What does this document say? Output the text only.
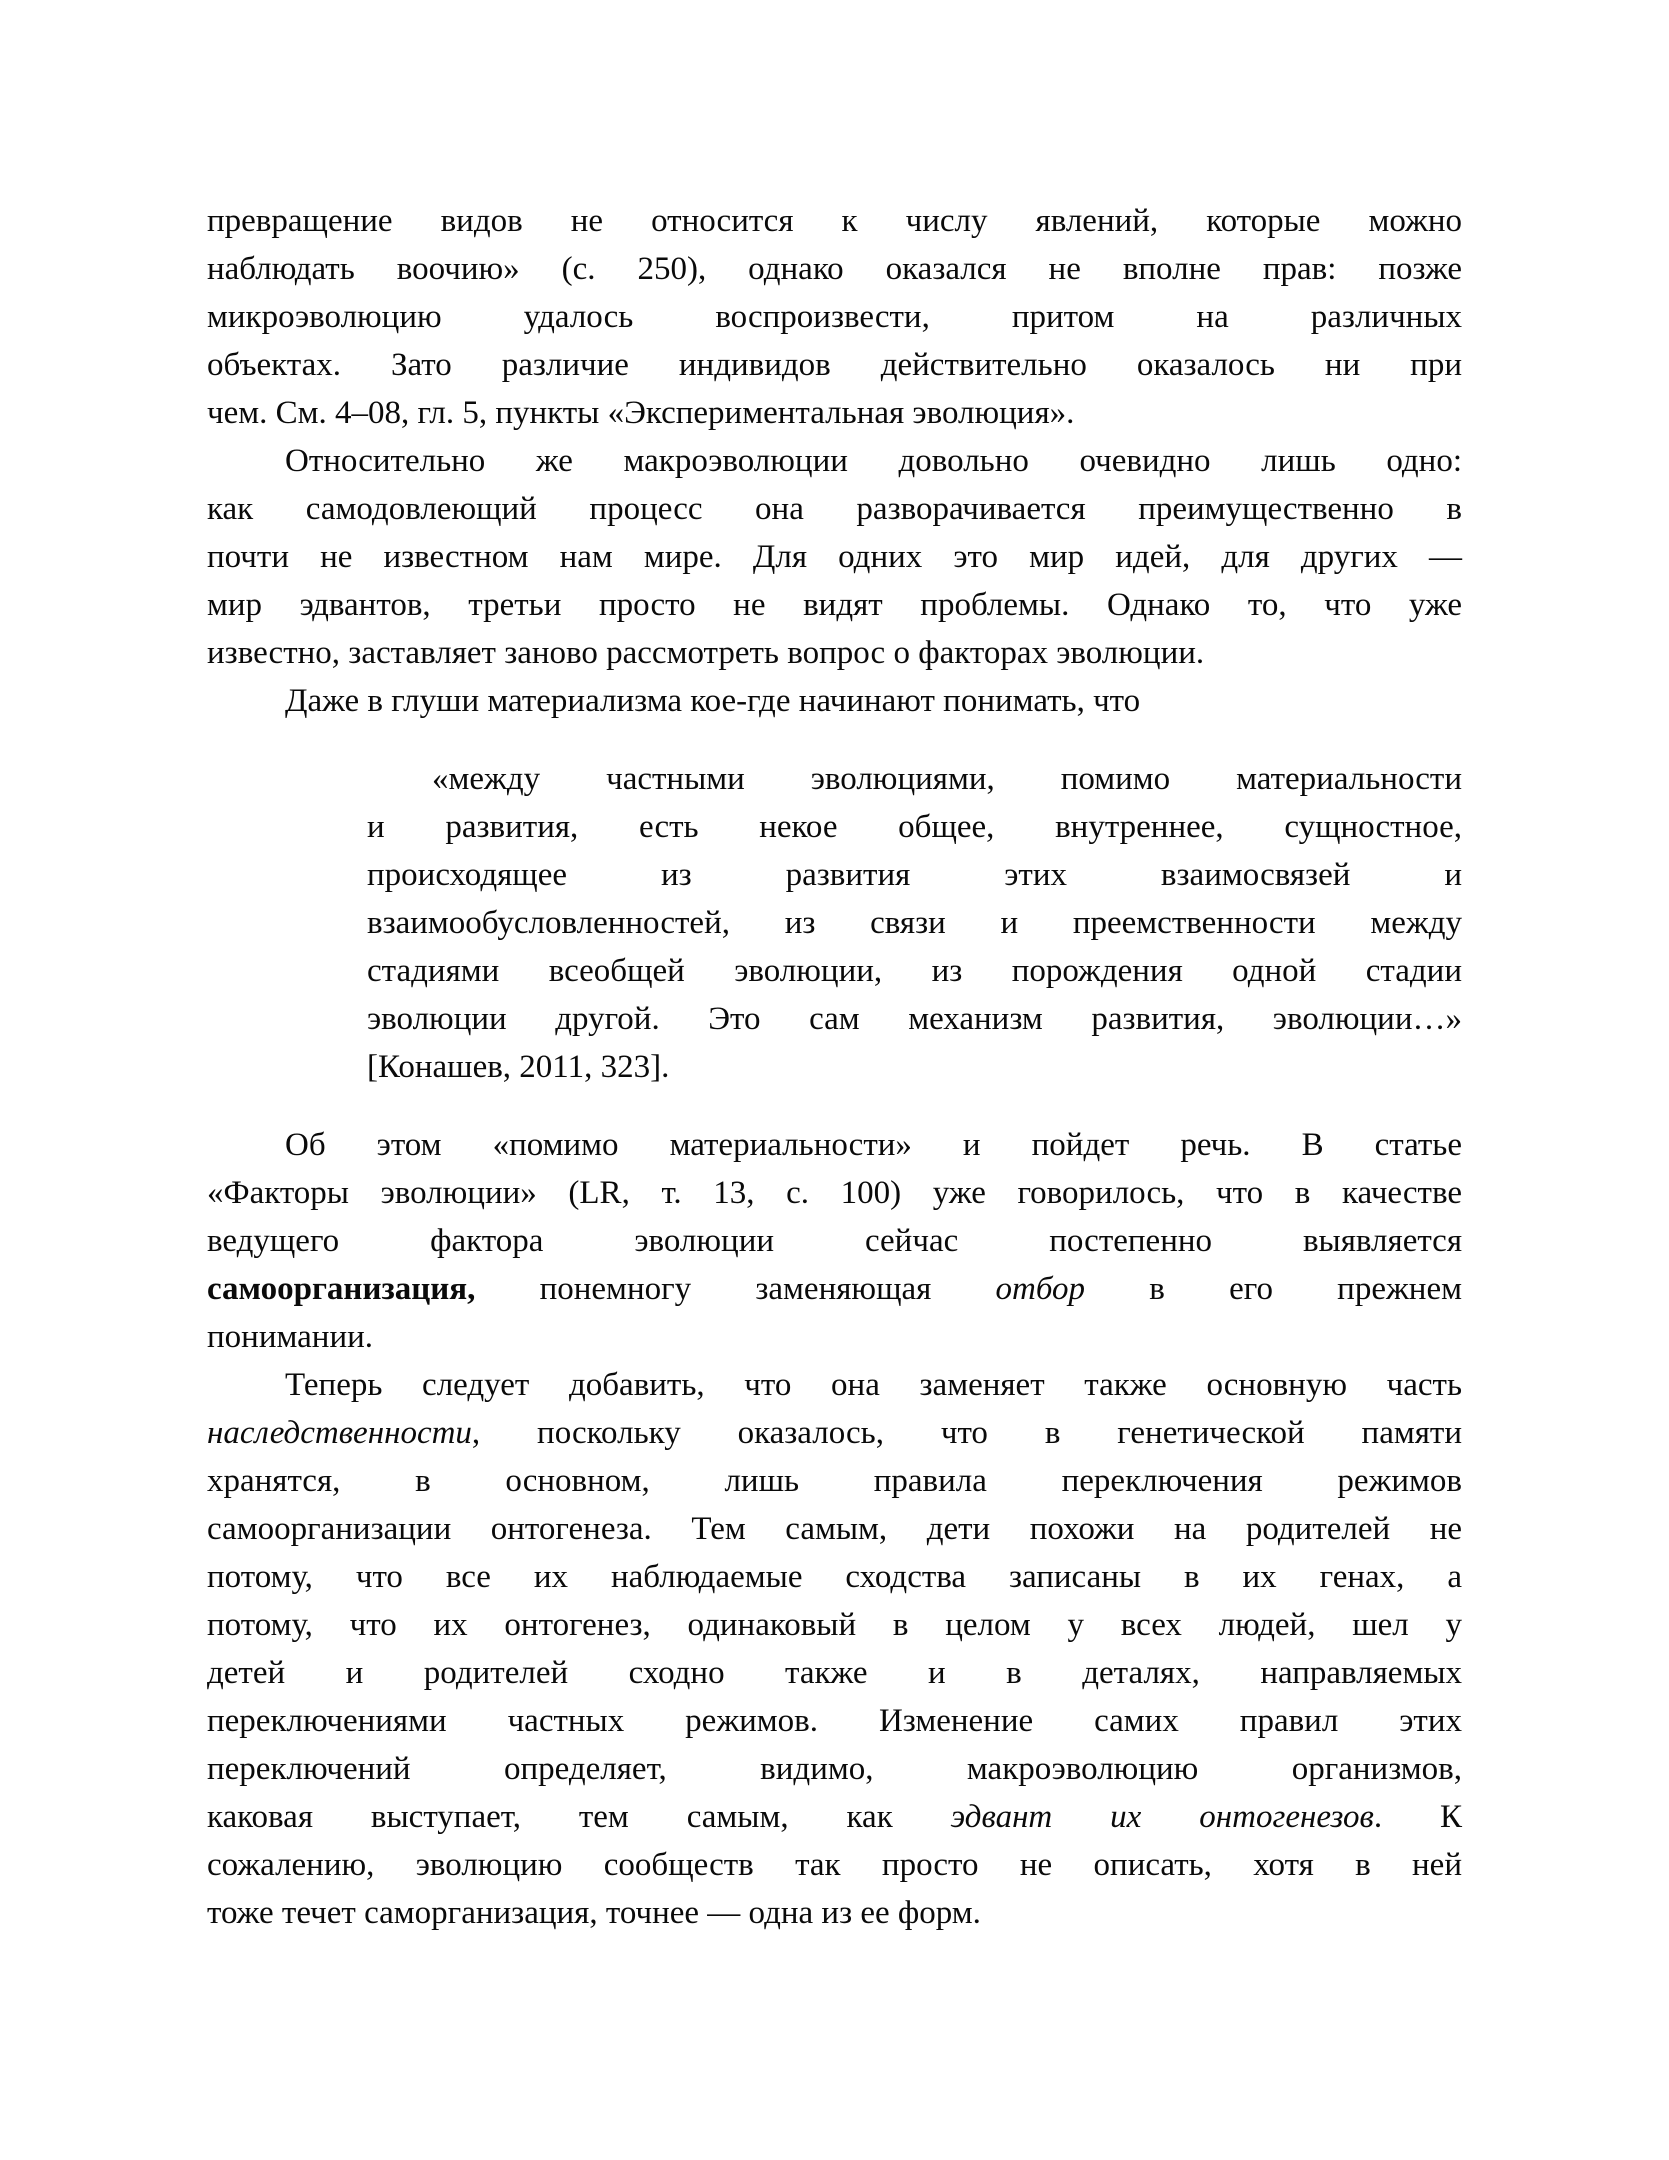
превращение видов не относится к числу явлений, которые можно
наблюдать воочию» (с. 250), однако оказался не вполне прав: позже
микроэволюцию удалось воспроизвести, притом на различных
объектах. Зато различие индивидов действительно оказалось ни при
чем. См. 4–08, гл. 5, пункты «Экспериментальная эволюция».
Относительно же макроэволюции довольно очевидно лишь одно:
как самодовлеющий процесс она разворачивается преимущественно в
почти не известном нам мире. Для одних это мир идей, для других —
мир эдвантов, третьи просто не видят проблемы. Однако то, что уже
известно, заставляет заново рассмотреть вопрос о факторах эволюции.
Даже в глуши материализма кое-где начинают понимать, что
«между частными эволюциями, помимо материальности
и развития, есть некое общее, внутреннее, сущностное,
происходящее из развития этих взаимосвязей и
взаимообусловленностей, из связи и преемственности между
стадиями всеобщей эволюции, из порождения одной стадии
эволюции другой. Это сам механизм развития, эволюции…»
[Конашев, 2011, 323].
Об этом «помимо материальности» и пойдет речь. В статье
«Факторы эволюции» (LR, т. 13, с. 100) уже говорилось, что в качестве
ведущего фактора эволюции сейчас постепенно выявляется
самоорганизация, понемногу заменяющая отбор в его прежнем
понимании.
Теперь следует добавить, что она заменяет также основную часть
наследственности, поскольку оказалось, что в генетической памяти
хранятся, в основном, лишь правила переключения режимов
самоорганизации онтогенеза. Тем самым, дети похожи на родителей не
потому, что все их наблюдаемые сходства записаны в их генах, а
потому, что их онтогенез, одинаковый в целом у всех людей, шел у
детей и родителей сходно также и в деталях, направляемых
переключениями частных режимов. Изменение самих правил этих
переключений определяет, видимо, макроэволюцию организмов,
каковая выступает, тем самым, как эдвант их онтогенезов. К
сожалению, эволюцию сообществ так просто не описать, хотя в ней
тоже течет саморганизация, точнее — одна из ее форм.
